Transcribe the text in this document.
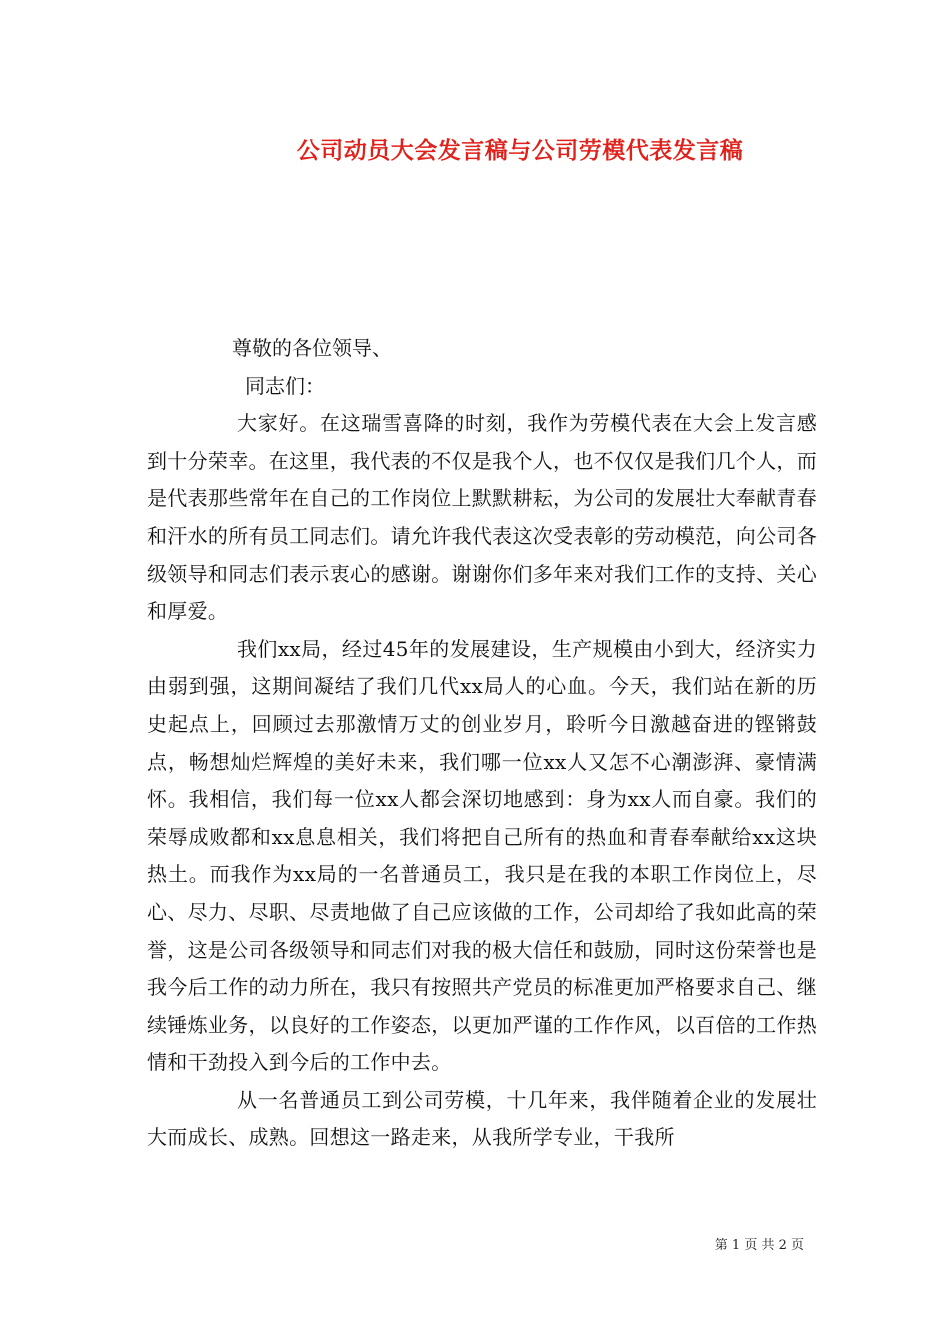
公司动员大会发言稿与公司劳模代表发言稿

尊敬的各位领导、

同志们：

大家好。在这瑞雪喜降的时刻，我作为劳模代表在大会上发言感到十分荣幸。在这里，我代表的不仅是我个人，也不仅仅是我们几个人，而是代表那些常年在自己的工作岗位上默默耕耘，为公司的发展壮大奉献青春和汗水的所有员工同志们。请允许我代表这次受表彰的劳动模范，向公司各级领导和同志们表示衷心的感谢。谢谢你们多年来对我们工作的支持、关心和厚爱。

我们xx局，经过45年的发展建设，生产规模由小到大，经济实力由弱到强，这期间凝结了我们几代xx局人的心血。今天，我们站在新的历史起点上，回顾过去那激情万丈的创业岁月，聆听今日激越奋进的铿锵鼓点，畅想灿烂辉煌的美好未来，我们哪一位xx人又怎不心潮澎湃、豪情满怀。我相信，我们每一位xx人都会深切地感到：身为xx人而自豪。我们的荣辱成败都和xx息息相关，我们将把自己所有的热血和青春奉献给xx这块热土。而我作为xx局的一名普通员工，我只是在我的本职工作岗位上，尽心、尽力、尽职、尽责地做了自己应该做的工作，公司却给了我如此高的荣誉，这是公司各级领导和同志们对我的极大信任和鼓励，同时这份荣誉也是我今后工作的动力所在，我只有按照共产党员的标准更加严格要求自己、继续锤炼业务，以良好的工作姿态，以更加严谨的工作作风，以百倍的工作热情和干劲投入到今后的工作中去。

从一名普通员工到公司劳模，十几年来，我伴随着企业的发展壮大而成长、成熟。回想这一路走来，从我所学专业，干我所

第 1 页 共 2 页
